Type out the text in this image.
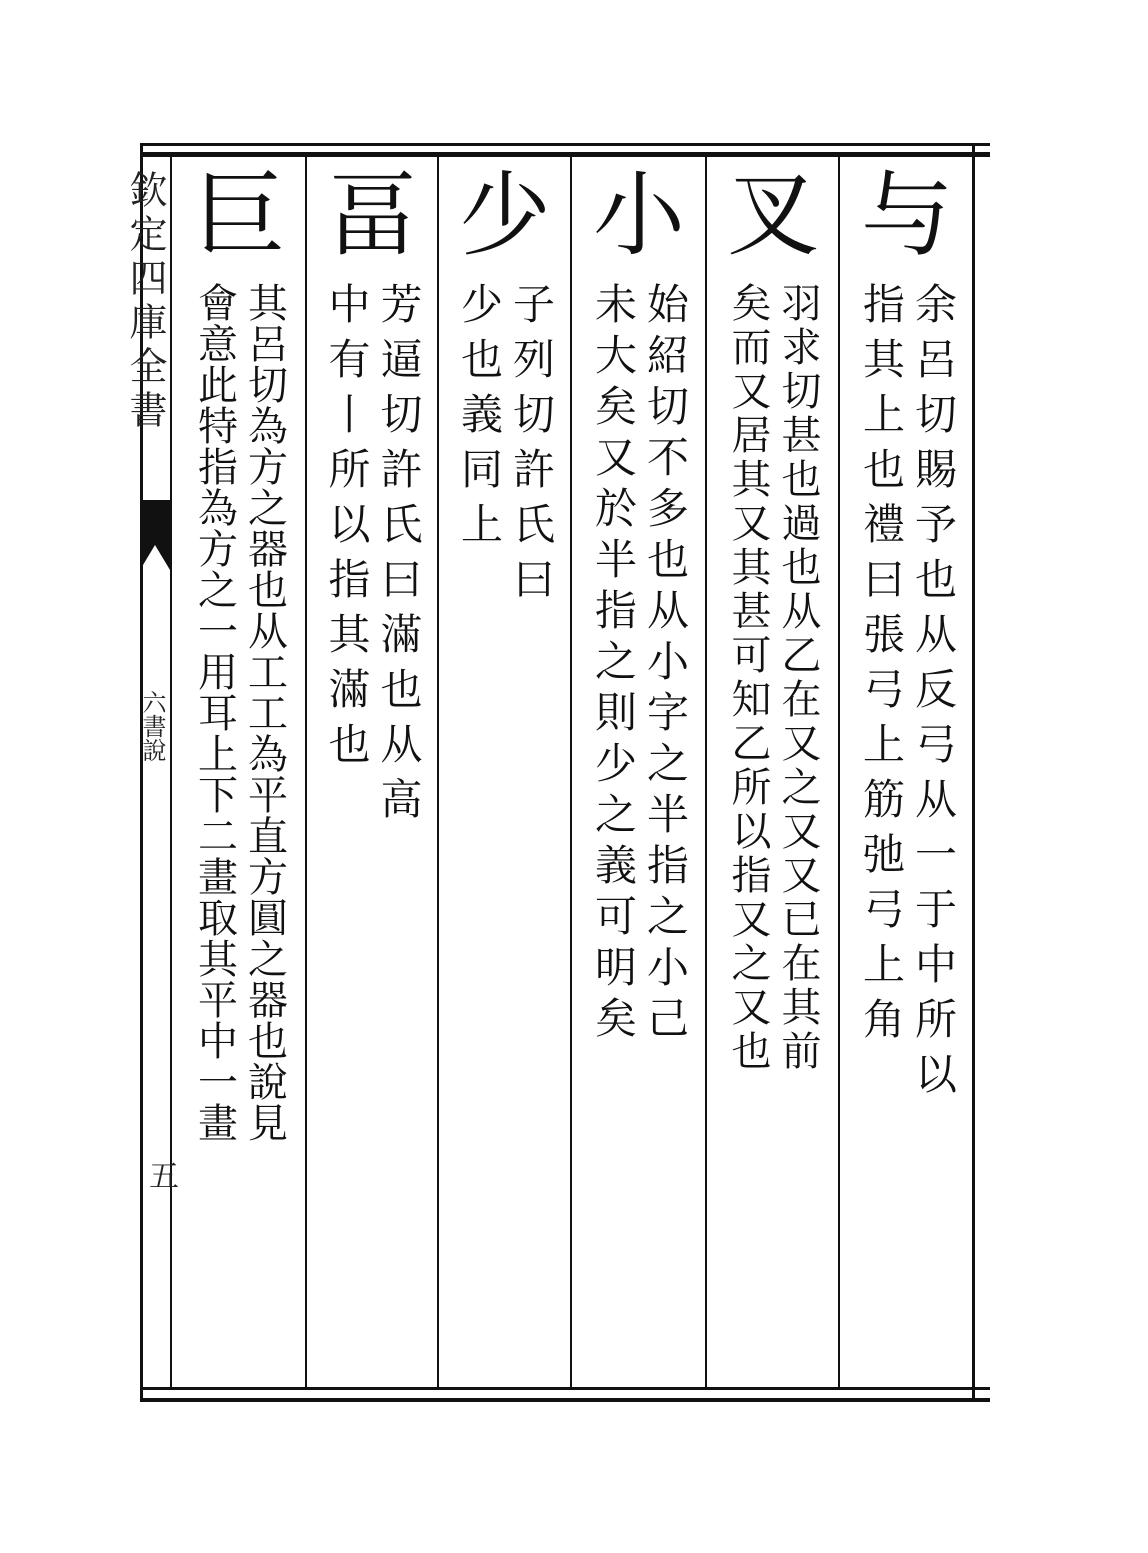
欽定四庫全書
六書說
五
与
余呂切賜予也从反弓从一于中所以
指其上也禮曰張弓上筋弛弓上角
叉
羽求切甚也過也从乙在又之又又已在其前
矣而又居其又其甚可知乙所以指又之又也
小
始紹切不多也从小字之半指之小己
未大矣又於半指之則少之義可明矣
少
子列切許氏曰
少也義同上
畐
芳逼切許氏曰滿也从高
中有丨所以指其滿也
巨
其呂切為方之器也从工工為平直方圓之器也說見
會意此特指為方之一用耳上下二畫取其平中一畫
